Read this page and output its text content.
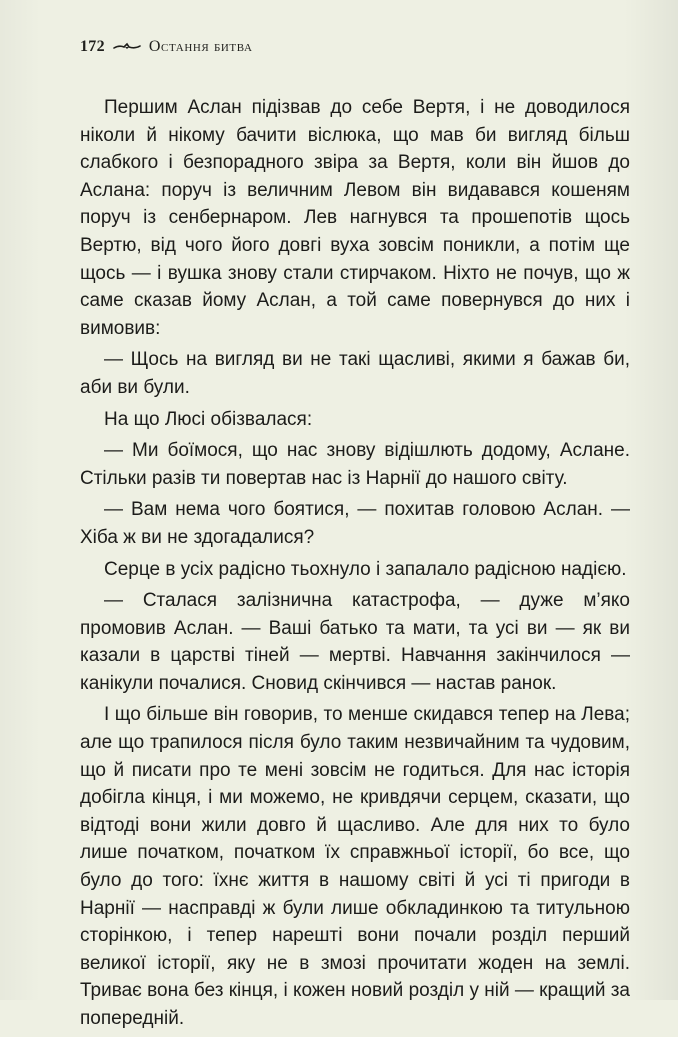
172	Остання битва

Першим Аслан підізвав до себе Вертя, і не доводилося ніколи й нікому бачити віслюка, що мав би вигляд більш слабкого і безпорадного звіра за Вертя, коли він йшов до Аслана: поруч із величним Левом він видавався кошеням поруч із сенбернаром. Лев нагнувся та прошепотів щось Вертю, від чого його довгі вуха зовсім поникли, а потім ще щось — і вушка знову стали стирчаком. Ніхто не почув, що ж саме сказав йому Аслан, а той саме повернувся до них і вимовив:

— Щось на вигляд ви не такі щасливі, якими я бажав би, аби ви були.

На що Люсі обізвалася:

— Ми боїмося, що нас знову відішлють додому, Аслане. Стільки разів ти повертав нас із Нарнії до нашого світу.

— Вам нема чого боятися, — похитав головою Аслан. — Хіба ж ви не здогадалися?

Серце в усіх радісно тьохнуло і запалало радісною надією.

— Сталася залізнична катастрофа, — дуже м’яко промовив Аслан. — Ваші батько та мати, та усі ви — як ви казали в царстві тіней — мертві. Навчання закінчилося — канікули почалися. Сновид скінчився — настав ранок.

І що більше він говорив, то менше скидався тепер на Лева; але що трапилося після було таким незвичайним та чудовим, що й писати про те мені зовсім не годиться. Для нас історія добігла кінця, і ми можемо, не кривдячи серцем, сказати, що відтоді вони жили довго й щасливо. Але для них то було лише початком, початком їх справжньої історії, бо все, що було до того: їхнє життя в нашому світі й усі ті пригоди в Нарнії — насправді ж були лише обкладинкою та титульною сторінкою, і тепер нарешті вони почали розділ перший великої історії, яку не в змозі прочитати жоден на землі. Триває вона без кінця, і кожен новий розділ у ній — кращий за попередній.
